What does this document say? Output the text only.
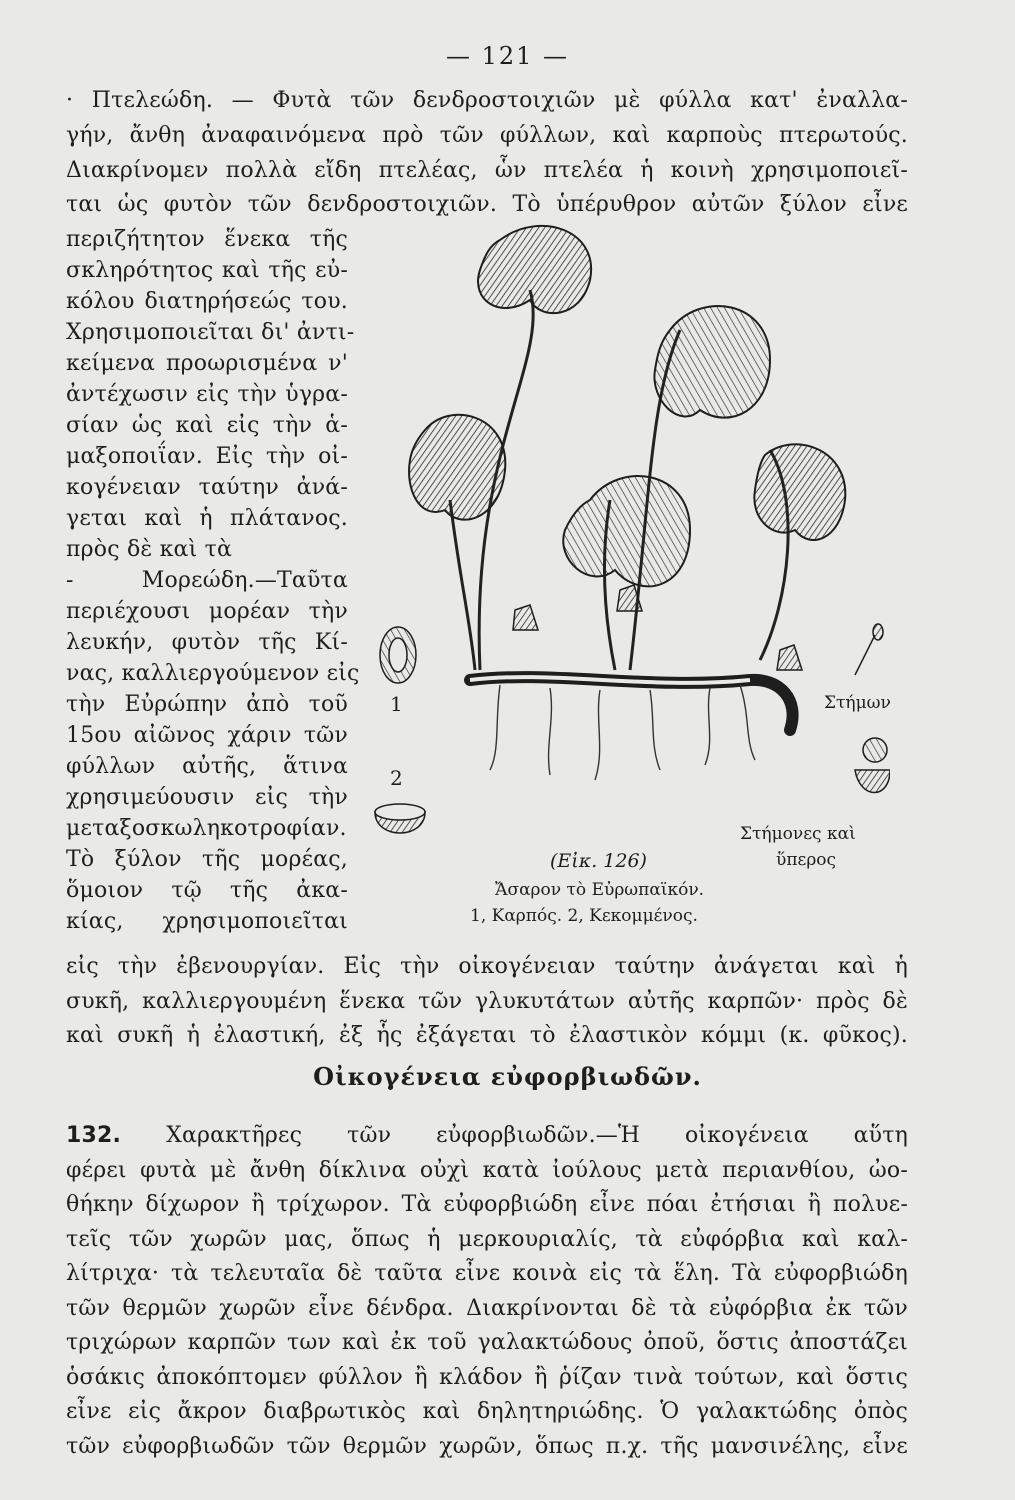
— 121 —
· Πτελεώδη. — Φυτὰ τῶν δενδροστοιχιῶν μὲ φύλλα κατ' ἐναλλα-
γήν, ἄνθη ἀναφαινόμενα πρὸ τῶν φύλλων, καὶ καρποὺς πτερωτούς.
Διακρίνομεν πολλὰ εἴδη πτελέας, ὧν πτελέα ἡ κοινὴ χρησιμοποιεῖ-
ται ὡς φυτὸν τῶν δενδροστοιχιῶν. Τὸ ὑπέρυθρον αὐτῶν ξύλον εἶνε
περιζήτητον ἕνεκα τῆς
σκληρότητος καὶ τῆς εὐ-
κόλου διατηρήσεώς του.
Χρησιμοποιεῖται δι' ἀντι-
κείμενα προωρισμένα ν'
ἀντέχωσιν εἰς τὴν ὑγρα-
σίαν ὡς καὶ εἰς τὴν ἁ-
μαξοποιΐαν. Εἰς τὴν οἰ-
κογένειαν ταύτην ἀνά-
γεται καὶ ἡ πλάτανος.
πρὸς δὲ καὶ τὰ
- Μορεώδη.—Ταῦτα
περιέχουσι μορέαν τὴν
λευκήν, φυτὸν τῆς Κί-
νας, καλλιεργούμενον εἰς
τὴν Εὐρώπην ἀπὸ τοῦ
15ου αἰῶνος χάριν τῶν
φύλλων αὐτῆς, ἅτινα
χρησιμεύουσιν εἰς τὴν
μεταξοσκωληκοτροφίαν.
Τὸ ξύλον τῆς μορέας,
ὅμοιον τῷ τῆς ἀκα-
κίας, χρησιμοποιεῖται
εἰς τὴν ἐβενουργίαν. Εἰς τὴν οἰκογένειαν ταύτην ἀνάγεται καὶ ἡ
συκῆ, καλλιεργουμένη ἕνεκα τῶν γλυκυτάτων αὐτῆς καρπῶν· πρὸς δὲ
καὶ συκῆ ἡ ἐλαστική, ἐξ ἧς ἐξάγεται τὸ ἐλαστικὸν κόμμι (κ. φῦκος).
Οἰκογένεια εὐφορβιωδῶν.
132. Χαρακτῆρες τῶν εὐφορβιωδῶν.—Ἡ οἰκογένεια αὕτη
φέρει φυτὰ μὲ ἄνθη δίκλινα οὐχὶ κατὰ ἰούλους μετὰ περιανθίου, ὠο-
θήκην δίχωρον ἢ τρίχωρον. Τὰ εὐφορβιώδη εἶνε πόαι ἐτήσιαι ἢ πολυε-
τεῖς τῶν χωρῶν μας, ὅπως ἡ μερκουριαλίς, τὰ εὐφόρβια καὶ καλ-
λίτριχα· τὰ τελευταῖα δὲ ταῦτα εἶνε κοινὰ εἰς τὰ ἕλη. Τὰ εὐφορβιώδη
τῶν θερμῶν χωρῶν εἶνε δένδρα. Διακρίνονται δὲ τὰ εὐφόρβια ἐκ τῶν
τριχώρων καρπῶν των καὶ ἐκ τοῦ γαλακτώδους ὀποῦ, ὅστις ἀποστάζει
ὁσάκις ἀποκόπτομεν φύλλον ἢ κλάδον ἢ ῥίζαν τινὰ τούτων, καὶ ὅστις
εἶνε εἰς ἄκρον διαβρωτικὸς καὶ δηλητηριώδης. Ὁ γαλακτώδης ὀπὸς
τῶν εὐφορβιωδῶν τῶν θερμῶν χωρῶν, ὅπως π.χ. τῆς μανσινέλης, εἶνε
1
2
Στήμων
Στήμονες καὶ
ὕπερος
(Εἰκ. 126)
Ἄσαρον τὸ Εὐρωπαϊκόν.
1, Καρπός. 2, Κεκομμένος.
